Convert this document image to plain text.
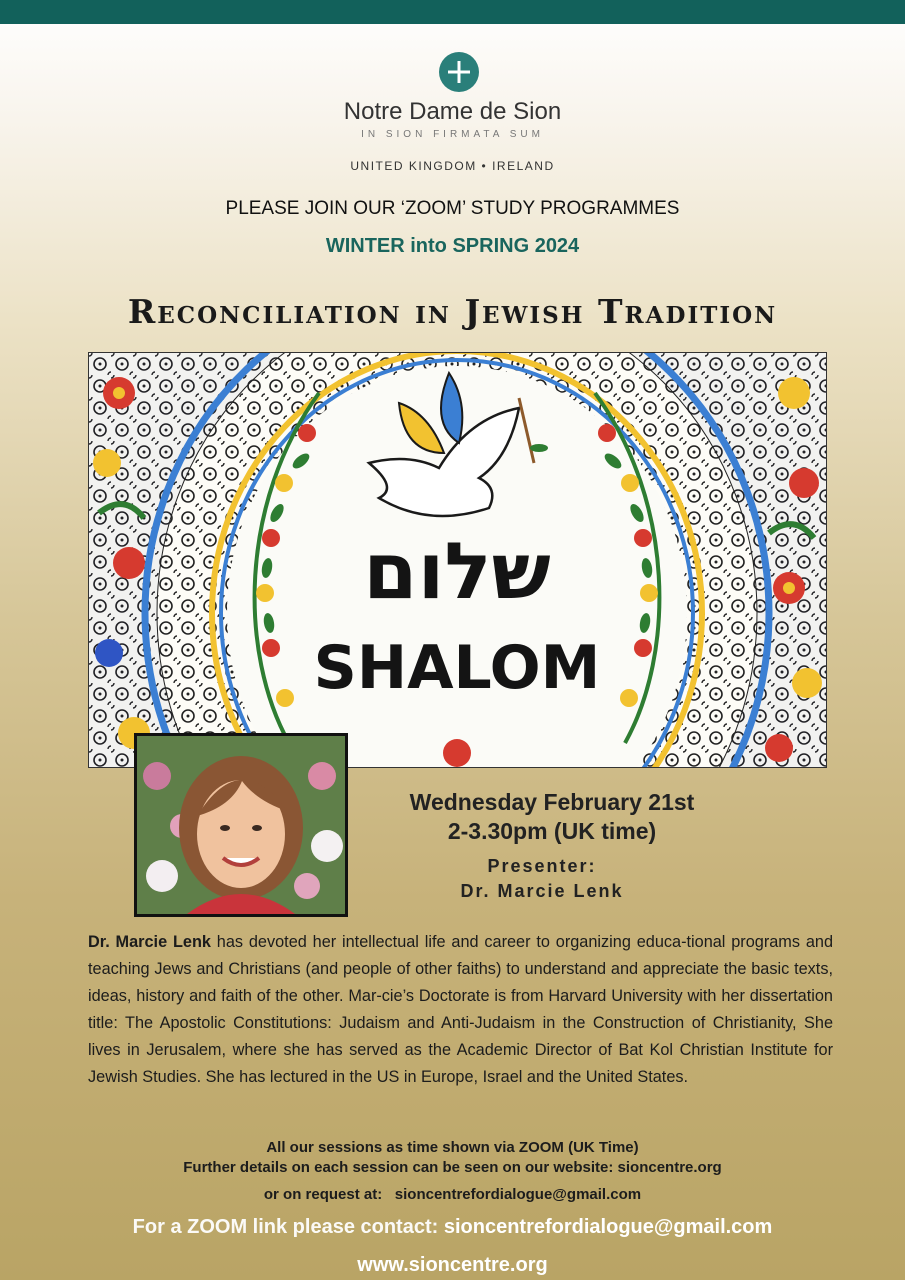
Notre Dame de Sion
IN SION FIRMATA SUM
UNITED KINGDOM • IRELAND
PLEASE JOIN OUR ‘ZOOM’ STUDY PROGRAMMES
WINTER into SPRING 2024
Reconciliation in Jewish Tradition
שלום
SHALOM
Wednesday February 21st
2-3.30pm (UK time)
Presenter:
Dr. Marcie Lenk
Dr. Marcie Lenk has devoted her intellectual life and career to organizing educa-tional programs and teaching Jews and Christians (and people of other faiths) to understand and appreciate the basic texts, ideas, history and faith of the other. Mar-cie’s Doctorate is from Harvard University with her dissertation title: The Apostolic Constitutions: Judaism and Anti-Judaism in the Construction of Christianity, She lives in Jerusalem, where she has served as the Academic Director of Bat Kol Christian Institute for Jewish Studies. She has lectured in the US in Europe, Israel and the United States.
All our sessions as time shown via ZOOM (UK Time)
Further details on each session can be seen on our website: sioncentre.org
or on request at: sioncentrefordialogue@gmail.com
For a ZOOM link please contact: sioncentrefordialogue@gmail.com
www.sioncentre.org
